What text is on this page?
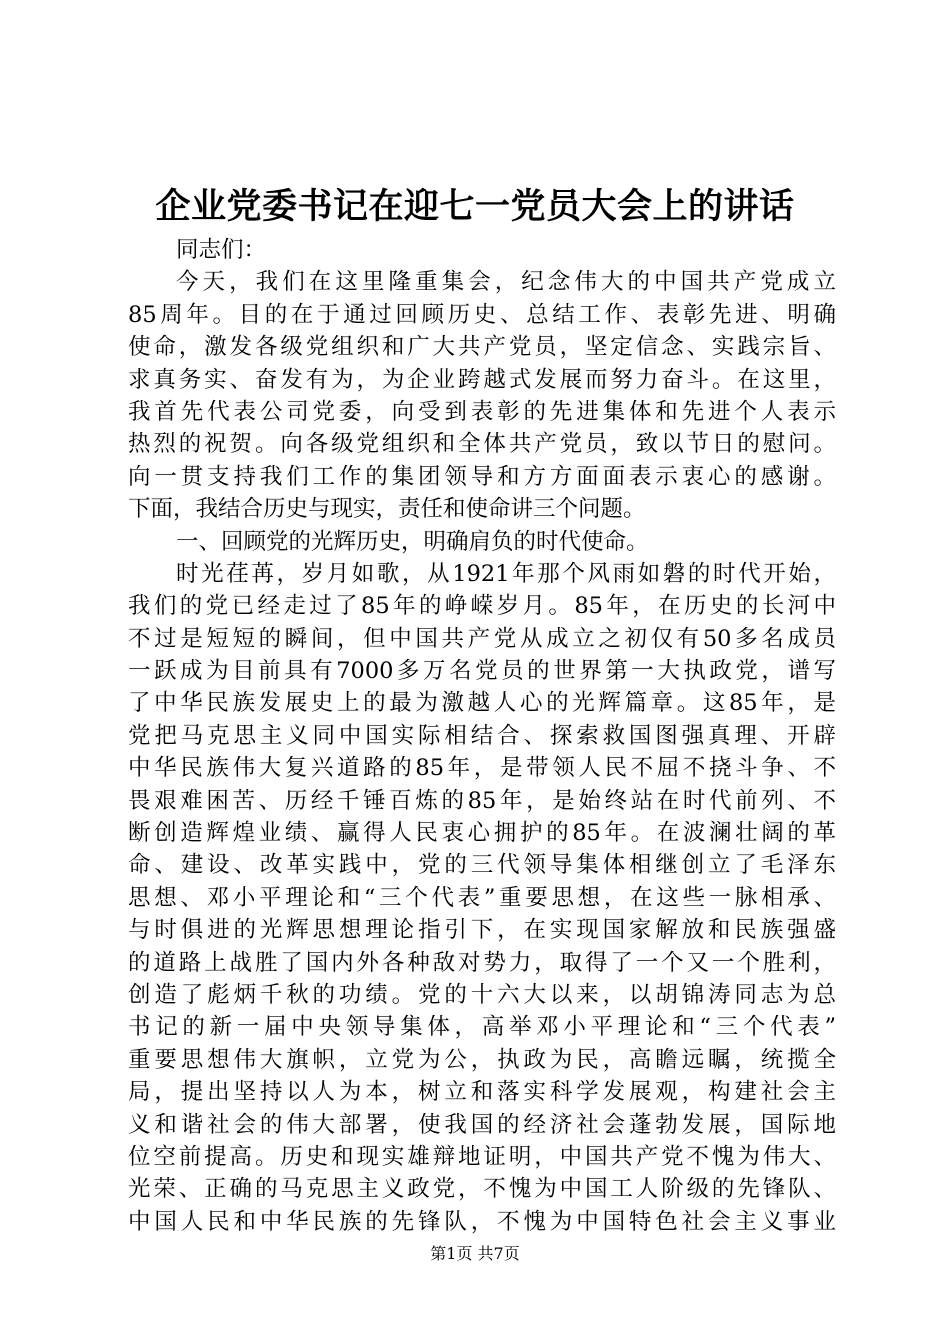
企业党委书记在迎七一党员大会上的讲话
同志们：
今天，我们在这里隆重集会，纪念伟大的中国共产党成立
85周年。目的在于通过回顾历史、总结工作、表彰先进、明确
使命，激发各级党组织和广大共产党员，坚定信念、实践宗旨、
求真务实、奋发有为，为企业跨越式发展而努力奋斗。在这里，
我首先代表公司党委，向受到表彰的先进集体和先进个人表示
热烈的祝贺。向各级党组织和全体共产党员，致以节日的慰问。
向一贯支持我们工作的集团领导和方方面面表示衷心的感谢。
下面，我结合历史与现实，责任和使命讲三个问题。
一、回顾党的光辉历史，明确肩负的时代使命。
时光荏苒，岁月如歌，从1921年那个风雨如磐的时代开始，
我们的党已经走过了85年的峥嵘岁月。85年，在历史的长河中
不过是短短的瞬间，但中国共产党从成立之初仅有50多名成员
一跃成为目前具有7000多万名党员的世界第一大执政党，谱写
了中华民族发展史上的最为激越人心的光辉篇章。这85年，是
党把马克思主义同中国实际相结合、探索救国图强真理、开辟
中华民族伟大复兴道路的85年，是带领人民不屈不挠斗争、不
畏艰难困苦、历经千锤百炼的85年，是始终站在时代前列、不
断创造辉煌业绩、赢得人民衷心拥护的85年。在波澜壮阔的革
命、建设、改革实践中，党的三代领导集体相继创立了毛泽东
思想、邓小平理论和“三个代表”重要思想，在这些一脉相承、
与时俱进的光辉思想理论指引下，在实现国家解放和民族强盛
的道路上战胜了国内外各种敌对势力，取得了一个又一个胜利，
创造了彪炳千秋的功绩。党的十六大以来，以胡锦涛同志为总
书记的新一届中央领导集体，高举邓小平理论和“三个代表”
重要思想伟大旗帜，立党为公，执政为民，高瞻远瞩，统揽全
局，提出坚持以人为本，树立和落实科学发展观，构建社会主
义和谐社会的伟大部署，使我国的经济社会蓬勃发展，国际地
位空前提高。历史和现实雄辩地证明，中国共产党不愧为伟大、
光荣、正确的马克思主义政党，不愧为中国工人阶级的先锋队、
中国人民和中华民族的先锋队，不愧为中国特色社会主义事业
第1页 共7页
